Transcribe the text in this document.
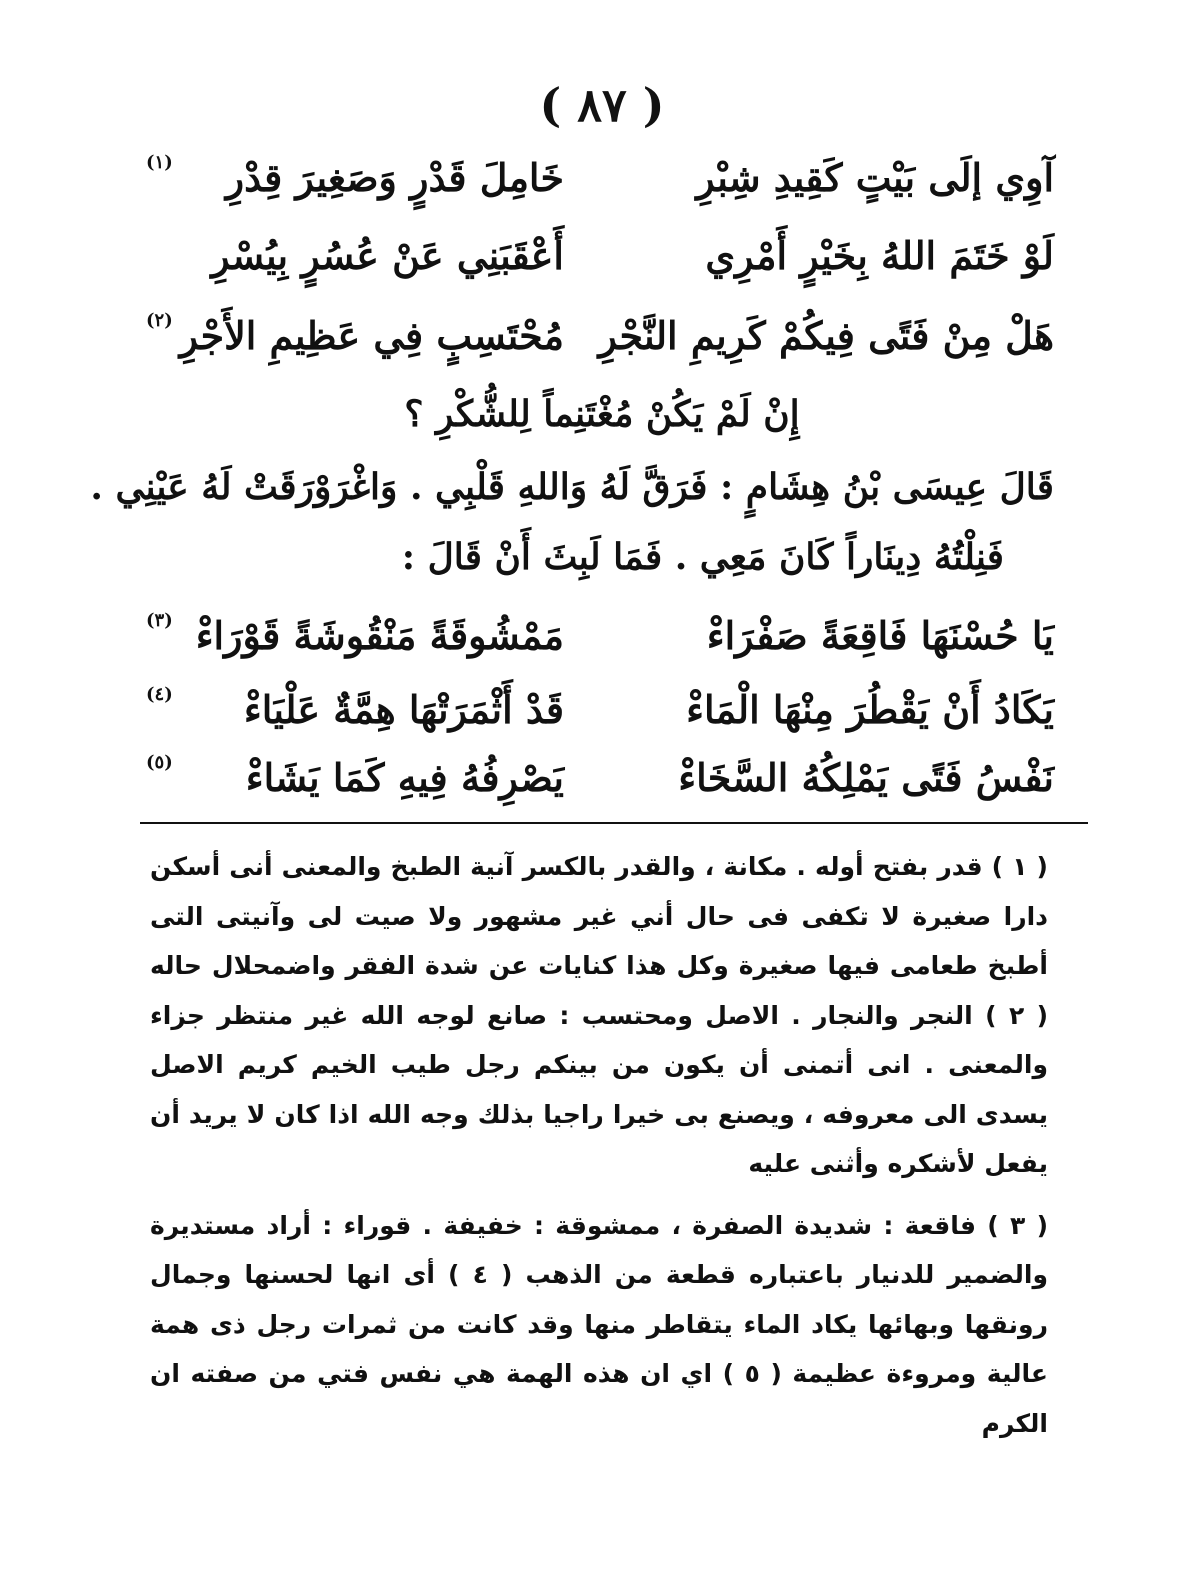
( ٨٧ )
آوِي إلَى بَيْتٍ كَقِيدِ شِبْرِ
خَامِلَ قَدْرٍ وَصَغِيرَ قِدْرِ
(١)
لَوْ خَتَمَ اللهُ بِخَيْرٍ أَمْرِي
أَعْقَبَنِي عَنْ عُسُرٍ بِيُسْرِ
هَلْ مِنْ فَتًى فِيكُمْ كَرِيمِ النَّجْرِ
مُحْتَسِبٍ فِي عَظِيمِ الأَجْرِ
(٢)
إِنْ لَمْ يَكُنْ مُغْتَنِماً لِلشُّكْرِ ؟
قَالَ عِيسَى بْنُ هِشَامٍ : فَرَقَّ لَهُ وَاللهِ قَلْبِي . وَاغْرَوْرَقَتْ لَهُ عَيْنِي .
فَنِلْتُهُ دِينَاراً كَانَ مَعِي . فَمَا لَبِثَ أَنْ قَالَ :
يَا حُسْنَهَا فَاقِعَةً صَفْرَاءْ
مَمْشُوقَةً مَنْقُوشَةً قَوْرَاءْ
(٣)
يَكَادُ أَنْ يَقْطُرَ مِنْهَا الْمَاءْ
قَدْ أَثْمَرَتْهَا هِمَّةٌ عَلْيَاءْ
(٤)
نَفْسُ فَتًى يَمْلِكُهُ السَّخَاءْ
يَصْرِفُهُ فِيهِ كَمَا يَشَاءْ
(٥)

( ١ ) قدر بفتح أوله . مكانة ، والقدر بالكسر آنية الطبخ والمعنى أنى أسكن دارا صغيرة لا تكفى فى حال أني غير مشهور ولا صيت لى وآنيتى التى أطبخ طعامى فيها صغيرة وكل هذا كنايات عن شدة الفقر واضمحلال حاله ( ٢ ) النجر والنجار . الاصل ومحتسب : صانع لوجه الله غير منتظر جزاء والمعنى . انى أتمنى أن يكون من بينكم رجل طيب الخيم كريم الاصل يسدى الى معروفه ، ويصنع بى خيرا راجيا بذلك وجه الله اذا كان لا يريد أن يفعل لأشكره وأثنى عليه

( ٣ ) فاقعة : شديدة الصفرة ، ممشوقة : خفيفة . قوراء : أراد مستديرة والضمير للدنيار باعتباره قطعة من الذهب ( ٤ ) أى انها لحسنها وجمال رونقها وبهائها يكاد الماء يتقاطر منها وقد كانت من ثمرات رجل ذى همة عالية ومروءة عظيمة ( ٥ ) اي ان هذه الهمة هي نفس فتي من صفته ان الكرم
